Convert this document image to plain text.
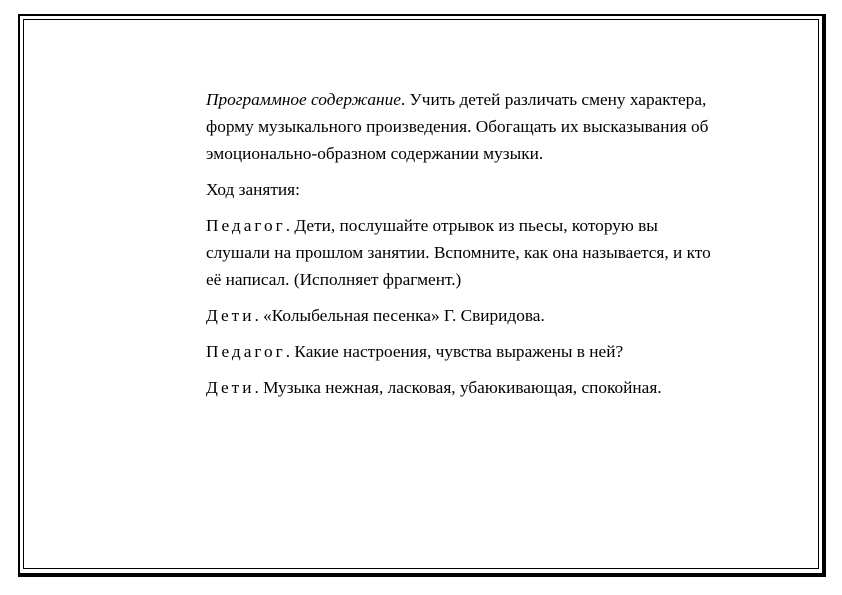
Программное содержание. Учить детей различать смену характера, форму музыкального произведения. Обогащать их высказывания об эмоционально-образном содержании музыки.

Ход занятия:

Педагог. Дети, послушайте отрывок из пьесы, которую вы слушали на прошлом занятии. Вспомните, как она называется, и кто её написал. (Исполняет фрагмент.)

Дети. «Колыбельная песенка» Г. Свиридова.

Педагог. Какие настроения, чувства выражены в ней?

Дети. Музыка нежная, ласковая, убаюкивающая, спокойная.
